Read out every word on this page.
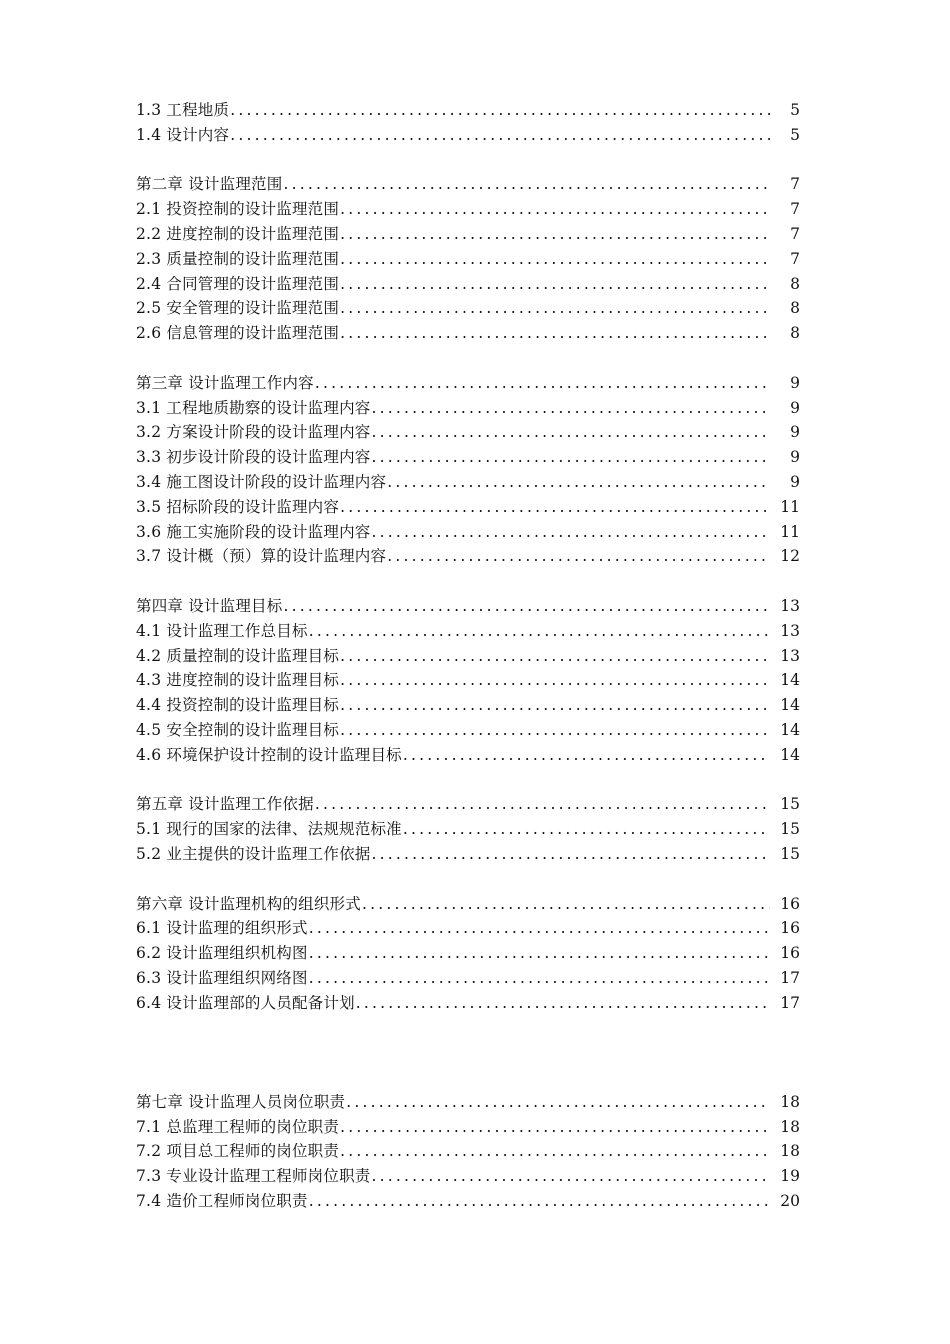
1.3 工程地质 .....	5
1.4 设计内容 .....	5
第二章 设计监理范围 .....	7
2.1 投资控制的设计监理范围 .....	7
2.2 进度控制的设计监理范围 .....	7
2.3 质量控制的设计监理范围 .....	7
2.4 合同管理的设计监理范围 .....	8
2.5 安全管理的设计监理范围 .....	8
2.6 信息管理的设计监理范围 .....	8
第三章 设计监理工作内容 .....	9
3.1 工程地质勘察的设计监理内容 .....	9
3.2 方案设计阶段的设计监理内容 .....	9
3.3 初步设计阶段的设计监理内容 .....	9
3.4 施工图设计阶段的设计监理内容 .....	9
3.5 招标阶段的设计监理内容 .....	11
3.6 施工实施阶段的设计监理内容 .....	11
3.7 设计概（预）算的设计监理内容 .....	12
第四章 设计监理目标 .....	13
4.1 设计监理工作总目标 .....	13
4.2 质量控制的设计监理目标 .....	13
4.3 进度控制的设计监理目标 .....	14
4.4 投资控制的设计监理目标 .....	14
4.5 安全控制的设计监理目标 .....	14
4.6 环境保护设计控制的设计监理目标 .....	14
第五章 设计监理工作依据 .....	15
5.1 现行的国家的法律、法规规范标准 .....	15
5.2 业主提供的设计监理工作依据 .....	15
第六章 设计监理机构的组织形式 .....	16
6.1 设计监理的组织形式 .....	16
6.2 设计监理组织机构图 .....	16
6.3 设计监理组织网络图 .....	17
6.4 设计监理部的人员配备计划 .....	17
第七章 设计监理人员岗位职责 .....	18
7.1 总监理工程师的岗位职责 .....	18
7.2 项目总工程师的岗位职责 .....	18
7.3 专业设计监理工程师岗位职责 .....	19
7.4 造价工程师岗位职责 .....	20
